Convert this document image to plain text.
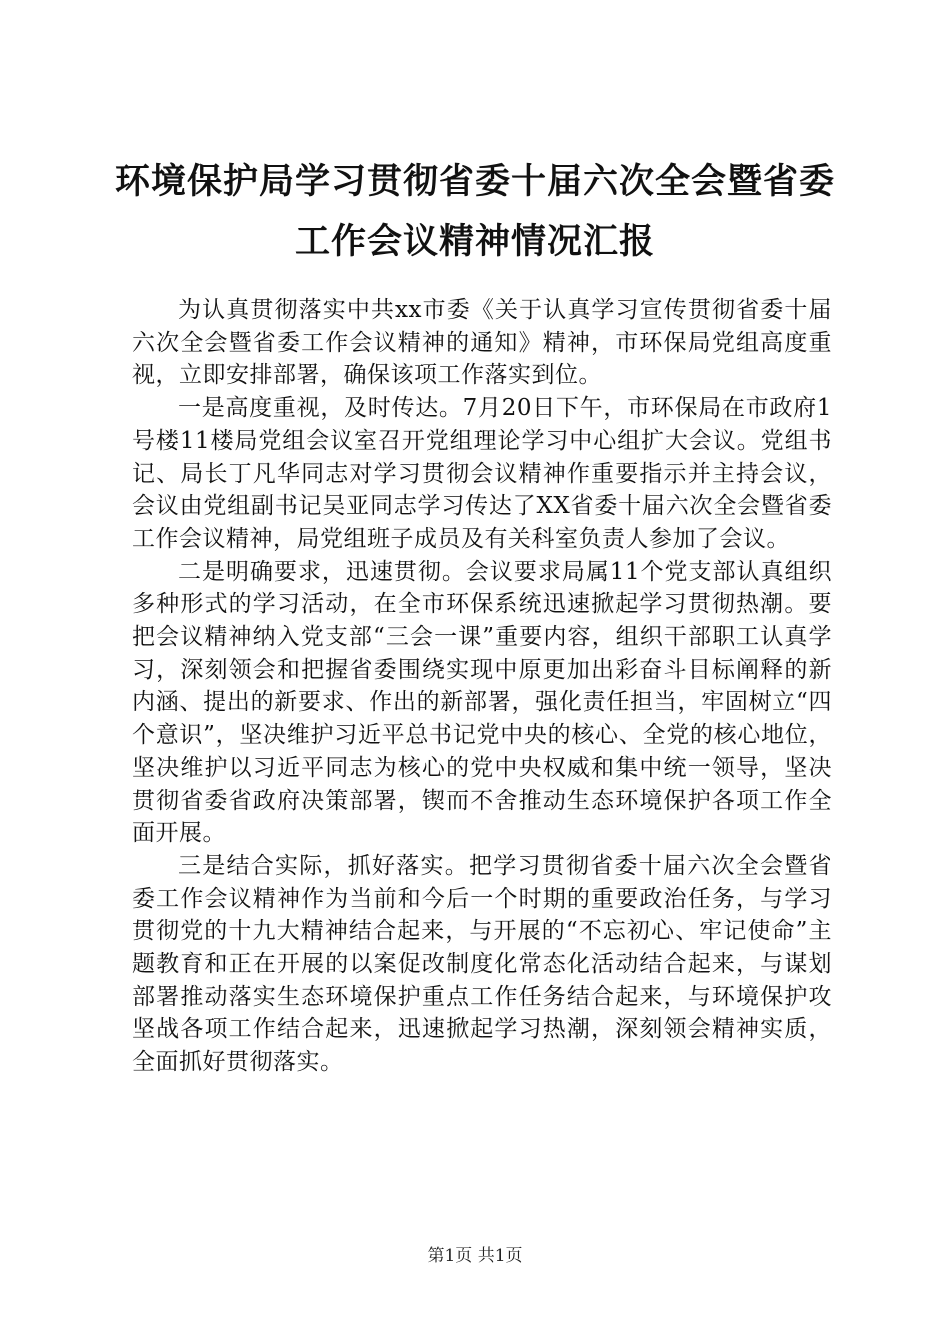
环境保护局学习贯彻省委十届六次全会暨省委
工作会议精神情况汇报

为认真贯彻落实中共xx市委《关于认真学习宣传贯彻省委十届六次全会暨省委工作会议精神的通知》精神，市环保局党组高度重视，立即安排部署，确保该项工作落实到位。

一是高度重视，及时传达。7月20日下午，市环保局在市政府1号楼11楼局党组会议室召开党组理论学习中心组扩大会议。党组书记、局长丁凡华同志对学习贯彻会议精神作重要指示并主持会议，会议由党组副书记吴亚同志学习传达了XX省委十届六次全会暨省委工作会议精神，局党组班子成员及有关科室负责人参加了会议。

二是明确要求，迅速贯彻。会议要求局属11个党支部认真组织多种形式的学习活动，在全市环保系统迅速掀起学习贯彻热潮。要把会议精神纳入党支部“三会一课”重要内容，组织干部职工认真学习，深刻领会和把握省委围绕实现中原更加出彩奋斗目标阐释的新内涵、提出的新要求、作出的新部署，强化责任担当，牢固树立“四个意识”，坚决维护习近平总书记党中央的核心、全党的核心地位，坚决维护以习近平同志为核心的党中央权威和集中统一领导，坚决贯彻省委省政府决策部署，锲而不舍推动生态环境保护各项工作全面开展。

三是结合实际，抓好落实。把学习贯彻省委十届六次全会暨省委工作会议精神作为当前和今后一个时期的重要政治任务，与学习贯彻党的十九大精神结合起来，与开展的“不忘初心、牢记使命”主题教育和正在开展的以案促改制度化常态化活动结合起来，与谋划部署推动落实生态环境保护重点工作任务结合起来，与环境保护攻坚战各项工作结合起来，迅速掀起学习热潮，深刻领会精神实质，全面抓好贯彻落实。

第1页 共1页
